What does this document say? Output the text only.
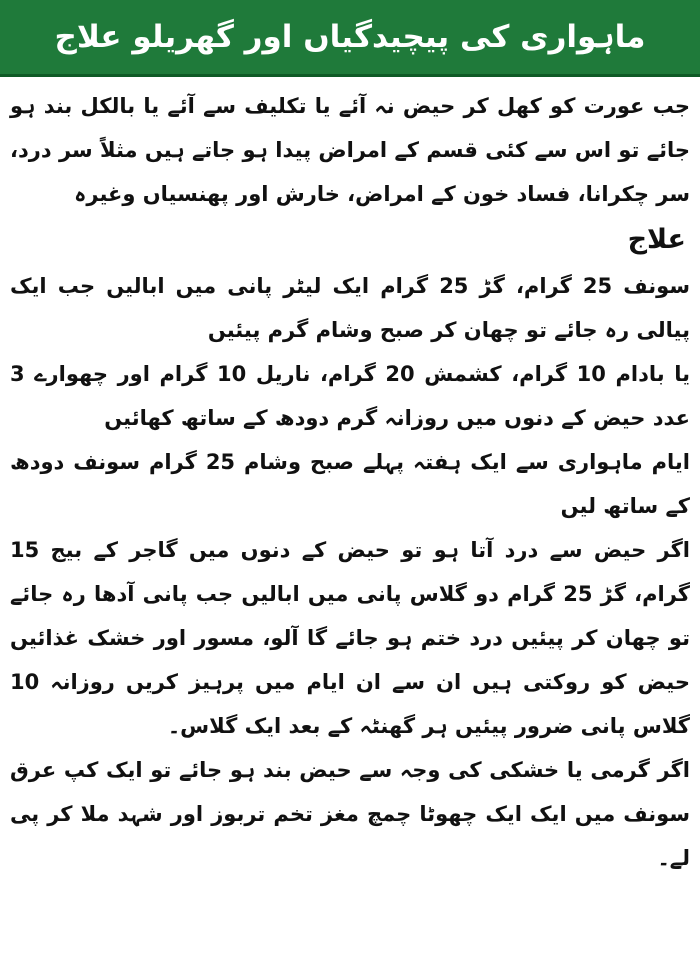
ماہواری کی پیچیدگیاں اور گھریلو علاج

جب عورت کو کھل کر حیض نہ آئے یا تکلیف سے آئے یا بالکل بند ہو جائے تو اس سے کئی قسم کے امراض پیدا ہو جاتے ہیں مثلاً سر درد، سر چکرانا، فساد خون کے امراض، خارش اور پھنسیاں وغیرہ

علاج

سونف 25 گرام، گڑ 25 گرام ایک لیٹر پانی میں ابالیں جب ایک پیالی رہ جائے تو چھان کر صبح وشام گرم پیئیں

یا بادام 10 گرام، کشمش 20 گرام، ناریل 10 گرام اور چھوارے 3 عدد حیض کے دنوں میں روزانہ گرم دودھ کے ساتھ کھائیں

ایام ماہواری سے ایک ہفتہ پہلے صبح وشام 25 گرام سونف دودھ کے ساتھ لیں

اگر حیض سے درد آتا ہو تو حیض کے دنوں میں گاجر کے بیج 15 گرام، گڑ 25 گرام دو گلاس پانی میں ابالیں جب پانی آدھا رہ جائے تو چھان کر پیئیں درد ختم ہو جائے گا آلو، مسور اور خشک غذائیں حیض کو روکتی ہیں ان سے ان ایام میں پرہیز کریں روزانہ 10 گلاس پانی ضرور پیئیں ہر گھنٹہ کے بعد ایک گلاس۔

اگر گرمی یا خشکی کی وجہ سے حیض بند ہو جائے تو ایک کپ عرق سونف میں ایک ایک چھوٹا چمچ مغز تخم تربوز اور شہد ملا کر پی لے۔
